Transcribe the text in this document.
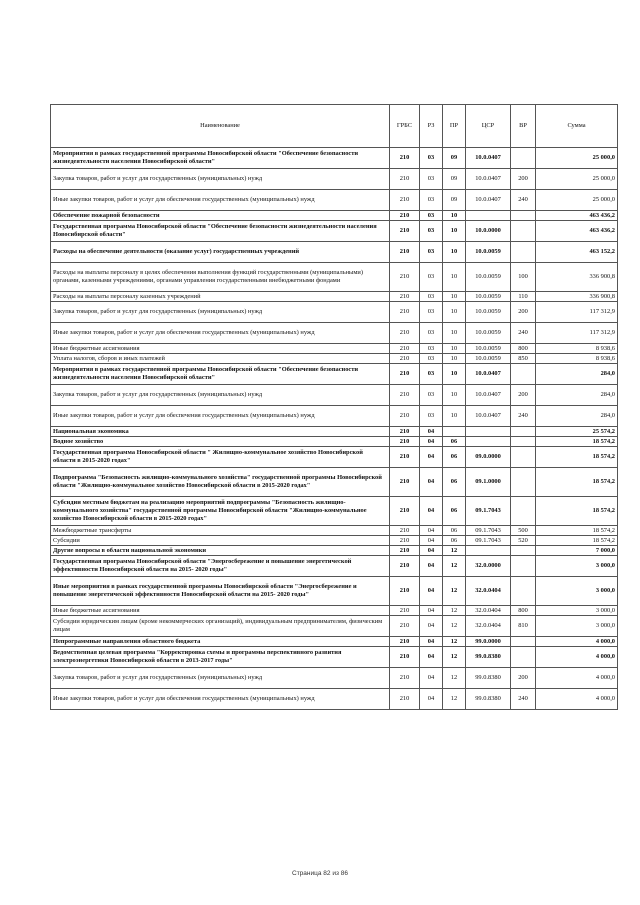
Наименование	ГРБС	РЗ	ПР	ЦСР	ВР	Сумма
Мероприятия в рамках государственной программы Новосибирской области "Обеспечение безопасности жизнедеятельности населения Новосибирской области"	210	03	09	10.0.0407		25 000,0
Закупка товаров, работ и услуг для государственных (муниципальных) нужд	210	03	09	10.0.0407	200	25 000,0
Иные закупки товаров, работ и услуг для обеспечения государственных (муниципальных) нужд	210	03	09	10.0.0407	240	25 000,0
Обеспечение пожарной безопасности	210	03	10			463 436,2
Государственная программа Новосибирской области "Обеспечение безопасности жизнедеятельности населения Новосибирской области"	210	03	10	10.0.0000		463 436,2
Расходы на обеспечение деятельности (оказание услуг) государственных учреждений	210	03	10	10.0.0059		463 152,2
Расходы на выплаты персоналу в целях обеспечения выполнения функций государственными (муниципальными) органами, казенными учреждениями, органами управления государственными внебюджетными фондами	210	03	10	10.0.0059	100	336 900,8
Расходы на выплаты персоналу казенных учреждений	210	03	10	10.0.0059	110	336 900,8
Закупка товаров, работ и услуг для государственных (муниципальных) нужд	210	03	10	10.0.0059	200	117 312,9
Иные закупки товаров, работ и услуг для обеспечения государственных (муниципальных) нужд	210	03	10	10.0.0059	240	117 312,9
Иные бюджетные ассигнования	210	03	10	10.0.0059	800	8 938,6
Уплата налогов, сборов и иных платежей	210	03	10	10.0.0059	850	8 938,6
Мероприятия в рамках государственной программы Новосибирской области "Обеспечение безопасности жизнедеятельности населения Новосибирской области"	210	03	10	10.0.0407		284,0
Закупка товаров, работ и услуг для государственных (муниципальных) нужд	210	03	10	10.0.0407	200	284,0
Иные закупки товаров, работ и услуг для обеспечения государственных (муниципальных) нужд	210	03	10	10.0.0407	240	284,0
Национальная экономика	210	04				25 574,2
Водное хозяйство	210	04	06			18 574,2
Государственная программа Новосибирской области " Жилищно-коммунальное хозяйство Новосибирской области в 2015-2020 годах"	210	04	06	09.0.0000		18 574,2
Подпрограмма "Безопасность жилищно-коммунального хозяйства" государственной программы Новосибирской области "Жилищно-коммунальное хозяйство Новосибирской области в 2015-2020 годах"	210	04	06	09.1.0000		18 574,2
Субсидии местным бюджетам на реализацию мероприятий подпрограммы "Безопасность жилищно-коммунального хозяйства" государственной программы Новосибирской области "Жилищно-коммунальное хозяйство Новосибирской области в 2015-2020 годах"	210	04	06	09.1.7043		18 574,2
Межбюджетные трансферты	210	04	06	09.1.7043	500	18 574,2
Субсидии	210	04	06	09.1.7043	520	18 574,2
Другие вопросы в области национальной экономики	210	04	12			7 000,0
Государственная программа Новосибирской области "Энергосбережение и повышение энергетической эффективности Новосибирской области на 2015- 2020 годы"	210	04	12	32.0.0000		3 000,0
Иные мероприятия в рамках государственной программы Новосибирской области "Энергосбережение и повышение энергетической эффективности Новосибирской области на 2015- 2020 годы"	210	04	12	32.0.0404		3 000,0
Иные бюджетные ассигнования	210	04	12	32.0.0404	800	3 000,0
Субсидии юридическим лицам (кроме некоммерческих организаций), индивидуальным предпринимателям, физическим лицам	210	04	12	32.0.0404	810	3 000,0
Непрограммные направления областного бюджета	210	04	12	99.0.0000		4 000,0
Ведомственная целевая программа "Корректировка схемы и программы перспективного развития электроэнергетики Новосибирской области в 2013-2017 годы"	210	04	12	99.0.8380		4 000,0
Закупка товаров, работ и услуг для государственных (муниципальных) нужд	210	04	12	99.0.8380	200	4 000,0
Иные закупки товаров, работ и услуг для обеспечения государственных (муниципальных) нужд	210	04	12	99.0.8380	240	4 000,0
Страница 82 из 86
